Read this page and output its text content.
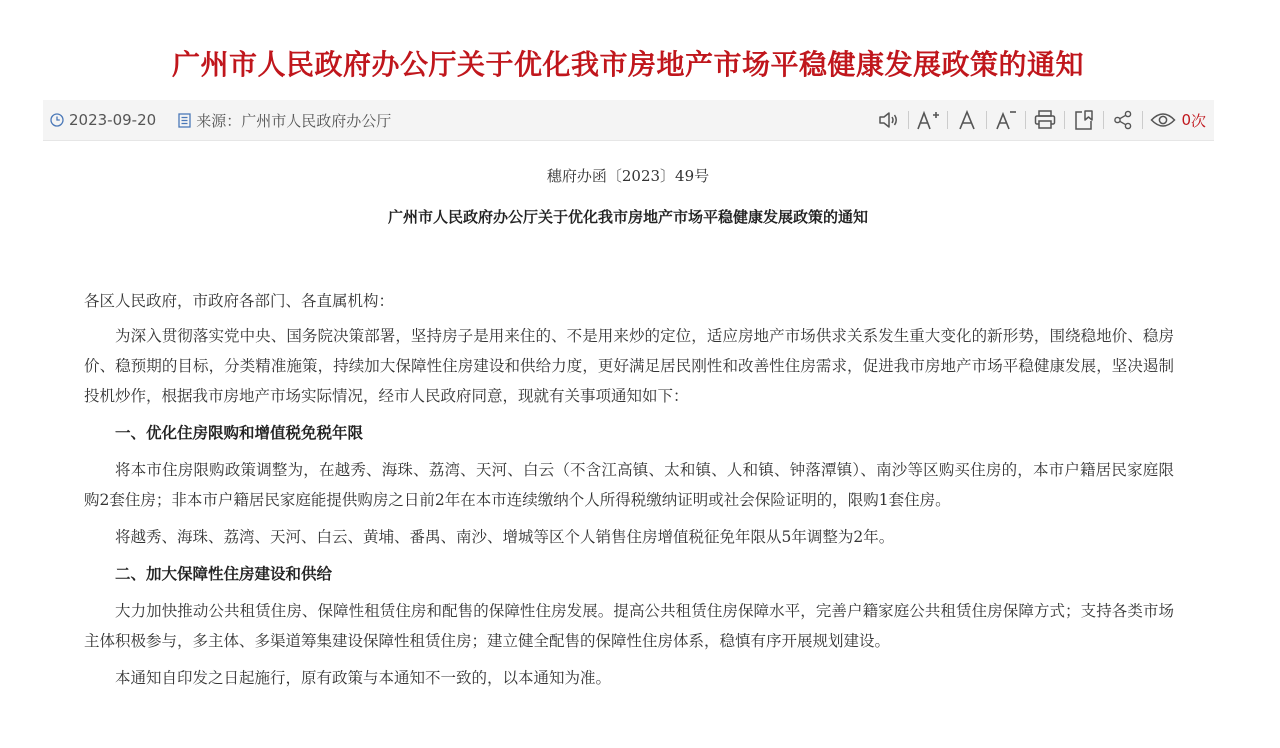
广州市人民政府办公厅关于优化我市房地产市场平稳健康发展政策的通知
2023-09-20	来源： 广州市人民政府办公厅	0 次
穗府办函〔2023〕49号
广州市人民政府办公厅关于优化我市房地产市场平稳健康发展政策的通知

各区人民政府，市政府各部门、各直属机构：

为深入贯彻落实党中央、国务院决策部署，坚持房子是用来住的、不是用来炒的定位，适应房地产市场供求关系发生重大变化的新形势，围绕稳地价、稳房价、稳预期的目标，分类精准施策，持续加大保障性住房建设和供给力度，更好满足居民刚性和改善性住房需求，促进我市房地产市场平稳健康发展，坚决遏制投机炒作，根据我市房地产市场实际情况，经市人民政府同意，现就有关事项通知如下：

一、优化住房限购和增值税免税年限

将本市住房限购政策调整为，在越秀、海珠、荔湾、天河、白云（不含江高镇、太和镇、人和镇、钟落潭镇）、南沙等区购买住房的，本市户籍居民家庭限购2套住房；非本市户籍居民家庭能提供购房之日前2年在本市连续缴纳个人所得税缴纳证明或社会保险证明的，限购1套住房。

将越秀、海珠、荔湾、天河、白云、黄埔、番禺、南沙、增城等区个人销售住房增值税征免年限从5年调整为2年。

二、加大保障性住房建设和供给

大力加快推动公共租赁住房、保障性租赁住房和配售的保障性住房发展。提高公共租赁住房保障水平，完善户籍家庭公共租赁住房保障方式；支持各类市场主体积极参与，多主体、多渠道筹集建设保障性租赁住房；建立健全配售的保障性住房体系，稳慎有序开展规划建设。

本通知自印发之日起施行，原有政策与本通知不一致的，以本通知为准。
